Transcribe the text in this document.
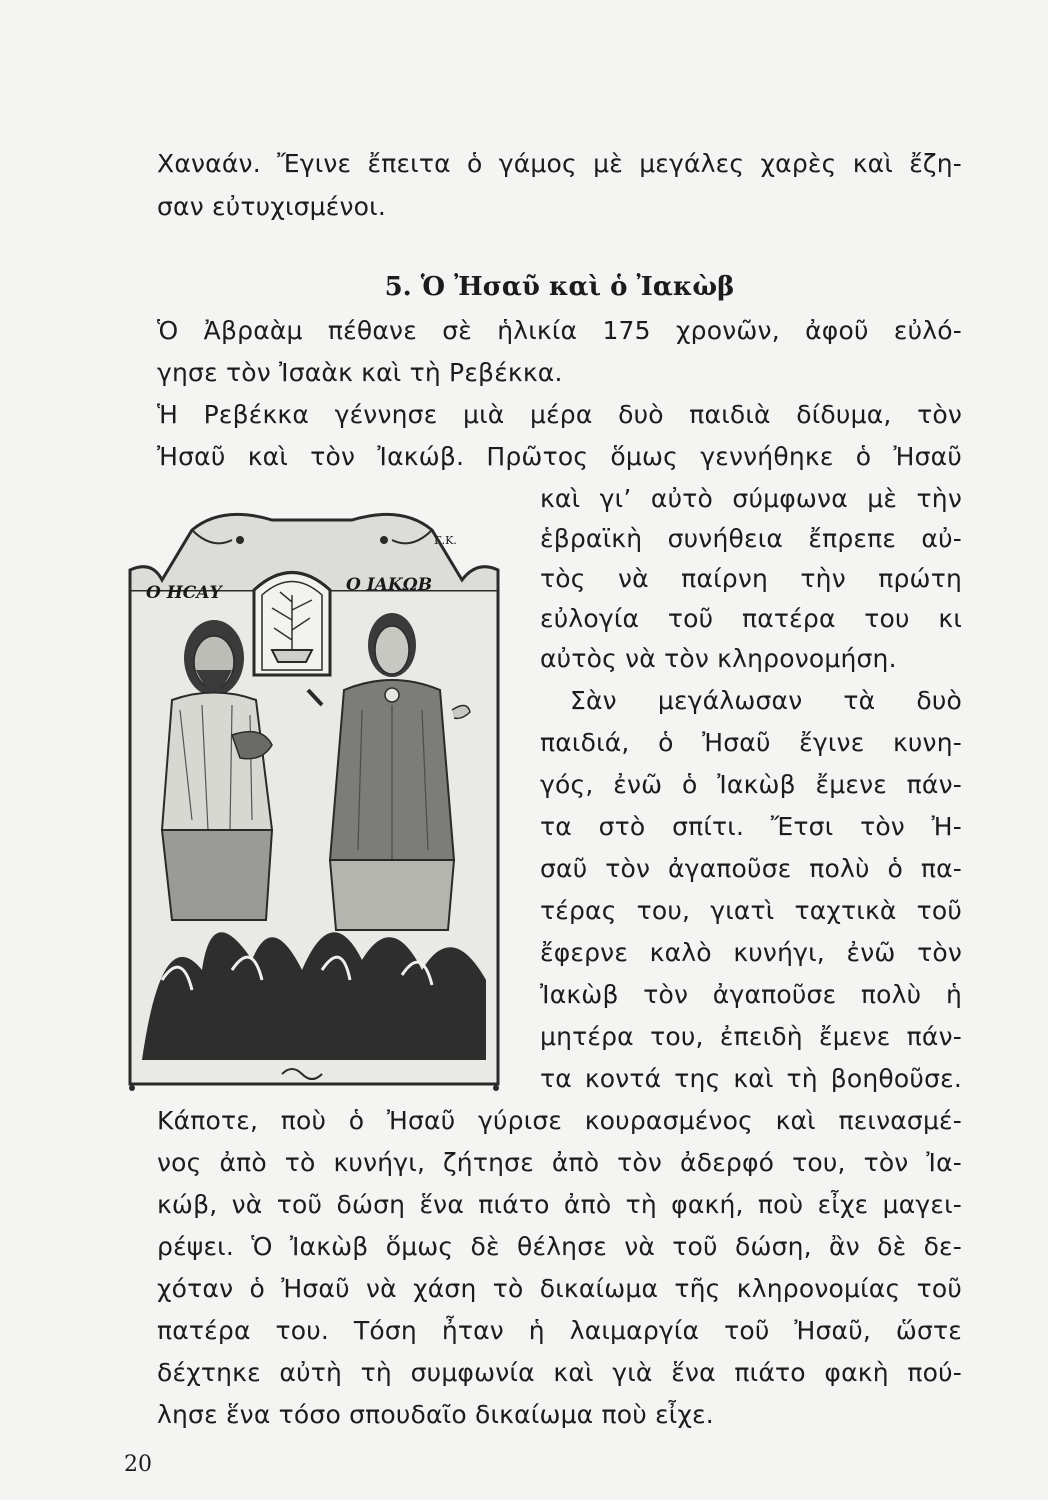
Χαναάν. Ἔγινε ἔπειτα ὁ γάμος μὲ μεγάλες χαρὲς καὶ ἔζη-
σαν εὐτυχισμένοι.
5. Ὁ Ἠσαῦ καὶ ὁ Ἰακὼβ
Ὁ Ἀβραὰμ πέθανε σὲ ἡλικία 175 χρονῶν, ἀφοῦ εὐλό-
γησε τὸν Ἰσαὰκ καὶ τὴ Ρεβέκκα.
Ἡ Ρεβέκκα γέννησε μιὰ μέρα δυὸ παιδιὰ δίδυμα, τὸν
Ἠσαῦ καὶ τὸν Ἰακώβ. Πρῶτος ὅμως γεννήθηκε ὁ Ἠσαῦ
καὶ γι’ αὐτὸ σύμφωνα μὲ τὴν
ἑβραϊκὴ συνήθεια ἔπρεπε αὐ-
τὸς νὰ παίρνη τὴν πρώτη
εὐλογία τοῦ πατέρα του κι
αὐτὸς νὰ τὸν κληρονομήση.
Σὰν μεγάλωσαν τὰ δυὸ
παιδιά, ὁ Ἠσαῦ ἔγινε κυνη-
γός, ἐνῶ ὁ Ἰακὼβ ἔμενε πάν-
τα στὸ σπίτι. Ἔτσι τὸν Ἠ-
σαῦ τὸν ἀγαποῦσε πολὺ ὁ πα-
τέρας του, γιατὶ ταχτικὰ τοῦ
ἔφερνε καλὸ κυνήγι, ἐνῶ τὸν
Ἰακὼβ τὸν ἀγαποῦσε πολὺ ἡ
μητέρα του, ἐπειδὴ ἔμενε πάν-
τα κοντά της καὶ τὴ βοηθοῦσε.
Κάποτε, ποὺ ὁ Ἠσαῦ γύρισε κουρασμένος καὶ πεινασμέ-
νος ἀπὸ τὸ κυνήγι, ζήτησε ἀπὸ τὸν ἀδερφό του, τὸν Ἰα-
κώβ, νὰ τοῦ δώση ἕνα πιάτο ἀπὸ τὴ φακή, ποὺ εἶχε μαγει-
ρέψει. Ὁ Ἰακὼβ ὅμως δὲ θέλησε νὰ τοῦ δώση, ἂν δὲ δε-
χόταν ὁ Ἠσαῦ νὰ χάση τὸ δικαίωμα τῆς κληρονομίας τοῦ
πατέρα του. Τόση ἦταν ἡ λαιμαργία τοῦ Ἠσαῦ, ὥστε
δέχτηκε αὐτὴ τὴ συμφωνία καὶ γιὰ ἕνα πιάτο φακὴ πού-
λησε ἕνα τόσο σπουδαῖο δικαίωμα ποὺ εἶχε.
Ο ΗCΑΥ	Ο ΙΑΚΩΒ
Γ.Κ.
20
